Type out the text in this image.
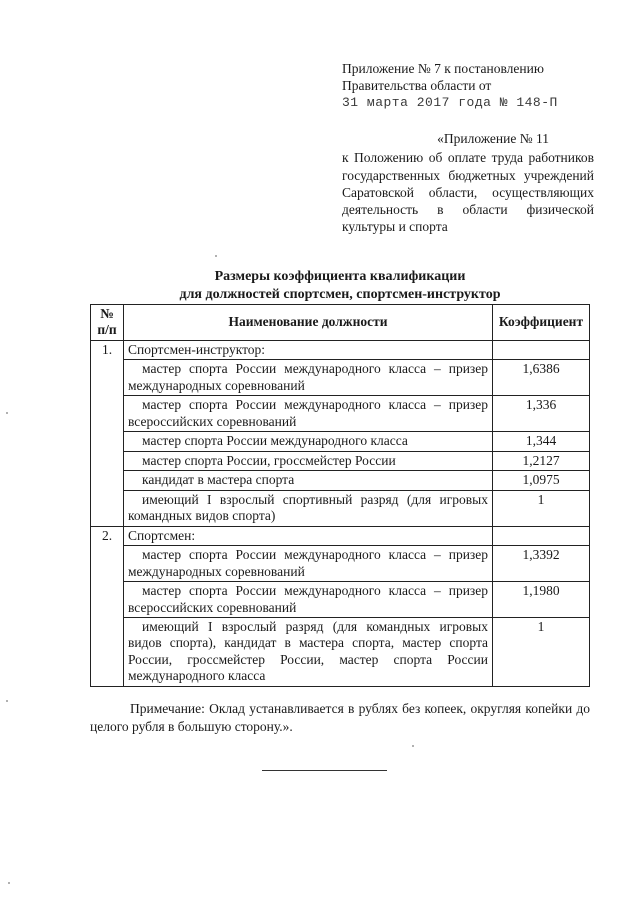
Приложение № 7 к постановлению
Правительства области от
31 марта 2017 года № 148-П
«Приложение № 11
к Положению об оплате труда работников государственных бюджетных учреждений Саратовской области, осуществляющих деятельность в области физической культуры и спорта
Размеры коэффициента квалификации
для должностей спортсмен, спортсмен-инструктор
№ п/п	Наименование должности	Коэффициент
1.	Спортсмен-инструктор:	
	мастер спорта России международного класса – призер международных соревнований	1,6386
	мастер спорта России международного класса – призер всероссийских соревнований	1,336
	мастер спорта России международного класса	1,344
	мастер спорта России, гроссмейстер России	1,2127
	кандидат в мастера спорта	1,0975
	имеющий I взрослый спортивный разряд (для игровых командных видов спорта)	1
2.	Спортсмен:	
	мастер спорта России международного класса – призер международных соревнований	1,3392
	мастер спорта России международного класса – призер всероссийских соревнований	1,1980
	имеющий I взрослый разряд (для командных игровых видов спорта), кандидат в мастера спорта, мастер спорта России, гроссмейстер России, мастер спорта России международного класса	1
Примечание: Оклад устанавливается в рублях без копеек, округляя копейки до целого рубля в большую сторону.».
